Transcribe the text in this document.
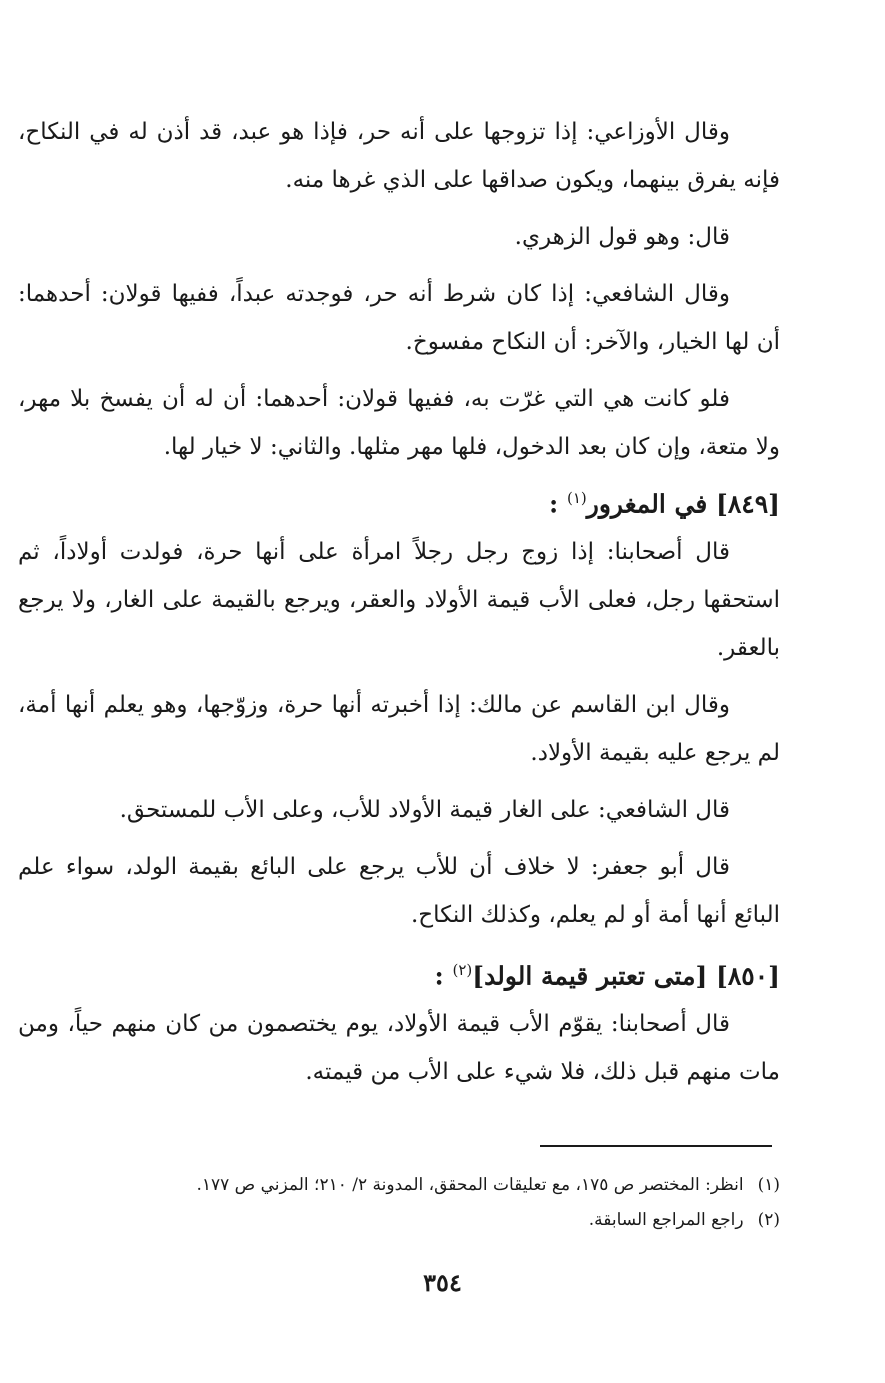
وقال الأوزاعي: إذا تزوجها على أنه حر، فإذا هو عبد، قد أذن له في النكاح، فإنه يفرق بينهما، ويكون صداقها على الذي غرها منه.

قال: وهو قول الزهري.

وقال الشافعي: إذا كان شرط أنه حر، فوجدته عبداً، ففيها قولان: أحدهما: أن لها الخيار، والآخر: أن النكاح مفسوخ.

فلو كانت هي التي غرّت به، ففيها قولان: أحدهما: أن له أن يفسخ بلا مهر، ولا متعة، وإن كان بعد الدخول، فلها مهر مثلها. والثاني: لا خيار لها.

[٨٤٩] في المغرور$^{(١)}$ :

قال أصحابنا: إذا زوج رجل رجلاً امرأة على أنها حرة، فولدت أولاداً، ثم استحقها رجل، فعلى الأب قيمة الأولاد والعقر، ويرجع بالقيمة على الغار، ولا يرجع بالعقر.

وقال ابن القاسم عن مالك: إذا أخبرته أنها حرة، وزوّجها، وهو يعلم أنها أمة، لم يرجع عليه بقيمة الأولاد.

قال الشافعي: على الغار قيمة الأولاد للأب، وعلى الأب للمستحق.

قال أبو جعفر: لا خلاف أن للأب يرجع على البائع بقيمة الولد، سواء علم البائع أنها أمة أو لم يعلم، وكذلك النكاح.

[٨٥٠] [متى تعتبر قيمة الولد]$^{(٢)}$ :

قال أصحابنا: يقوّم الأب قيمة الأولاد، يوم يختصمون من كان منهم حياً، ومن مات منهم قبل ذلك، فلا شيء على الأب من قيمته.

(١)انظر: المختصر ص ١٧٥، مع تعليقات المحقق، المدونة ٢/ ٢١٠؛ المزني ص ١٧٧.

(٢)راجع المراجع السابقة.

٣٥٤
